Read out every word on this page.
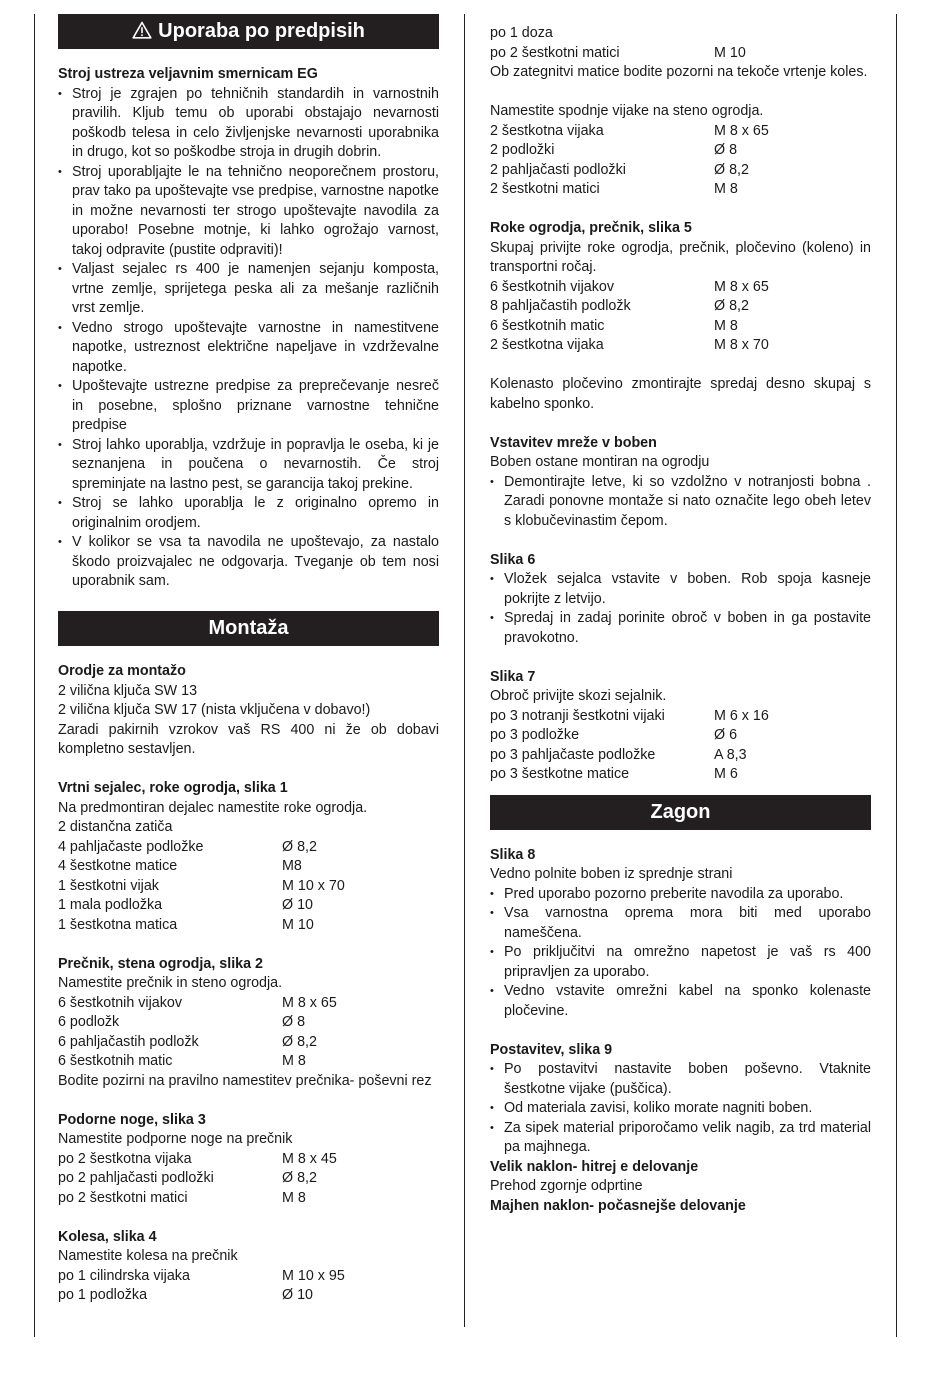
Uporaba po predpisih
Stroj ustreza veljavnim smernicam EG
• Stroj je zgrajen po tehničnih standardih in varnostnih pravilih. Kljub temu ob uporabi obstajajo nevarnosti poškodb telesa in celo življenjske nevarnosti uporabnika in drugo, kot so poškodbe stroja in drugih dobrin.
• Stroj uporabljajte le na tehnično neoporečnem prostoru, prav tako pa upoštevajte vse predpise, varnostne napotke in možne nevarnosti ter strogo upoštevajte navodila za uporabo! Posebne motnje, ki lahko ogrožajo varnost, takoj odpravite (pustite odpraviti)!
• Valjast sejalec rs 400 je namenjen sejanju komposta, vrtne zemlje, sprijetega peska ali za mešanje različnih vrst zemlje.
• Vedno strogo upoštevajte varnostne in namestitvene napotke, ustreznost električne napeljave in vzdrževalne napotke.
• Upoštevajte ustrezne predpise za preprečevanje nesreč in posebne, splošno priznane varnostne tehnične predpise
• Stroj lahko uporablja, vzdržuje in popravlja le oseba, ki je seznanjena in poučena o nevarnostih. Če stroj spreminjate na lastno pest, se garancija takoj prekine.
• Stroj se lahko uporablja le z originalno opremo in originalnim orodjem.
• V kolikor se vsa ta navodila ne upoštevajo, za nastalo škodo proizvajalec ne odgovarja. Tveganje ob tem nosi uporabnik sam.
Montaža
Orodje za montažo
2 vilična ključa SW 13
2 vilična ključa SW 17 (nista vključena v dobavo!)
Zaradi pakirnih vzrokov vaš RS 400 ni že ob dobavi kompletno sestavljen.
Vrtni sejalec, roke ogrodja, slika 1
Na predmontiran dejalec namestite roke ogrodja.
2 distančna zatiča
4 pahljačaste podložke	Ø 8,2
4 šestkotne matice	M8
1 šestkotni vijak	M 10 x 70
1 mala podložka	Ø 10
1 šestkotna matica	M 10
Prečnik, stena ogrodja, slika 2
Namestite prečnik in steno ogrodja.
6 šestkotnih vijakov	M 8 x 65
6 podložk	Ø 8
6 pahljačastih podložk	Ø 8,2
6 šestkotnih matic	M 8
Bodite pozirni na pravilno namestitev prečnika- poševni rez
Podorne noge, slika 3
Namestite podporne noge na prečnik
po 2 šestkotna vijaka	M 8 x 45
po 2 pahljačasti podložki	Ø 8,2
po 2 šestkotni matici	M 8
Kolesa, slika 4
Namestite kolesa na prečnik
po 1 cilindrska vijaka	M 10 x 95
po 1 podložka	Ø 10
po 1 doza
po 2 šestkotni matici	M 10
Ob zategnitvi matice bodite pozorni na tekoče vrtenje koles.
Namestite spodnje vijake na steno ogrodja.
2 šestkotna vijaka	M 8 x 65
2 podložki	Ø 8
2 pahljačasti podložki	Ø 8,2
2 šestkotni matici	M 8
Roke ogrodja, prečnik, slika 5
Skupaj privijte roke ogrodja, prečnik, pločevino (koleno) in transportni ročaj.
6 šestkotnih vijakov	M 8 x 65
8 pahljačastih podložk	Ø 8,2
6 šestkotnih matic	M 8
2 šestkotna vijaka	M 8 x 70
Kolenasto pločevino zmontirajte spredaj desno skupaj s kabelno sponko.
Vstavitev mreže v boben
Boben ostane montiran na ogrodju
• Demontirajte letve, ki so vzdolžno v notranjosti bobna . Zaradi ponovne montaže si nato označite lego obeh letev s klobučevinastim čepom.
Slika 6
• Vložek sejalca vstavite v boben. Rob spoja kasneje pokrijte z letvijo.
• Spredaj in zadaj porinite obroč v boben in ga postavite pravokotno.
Slika 7
Obroč privijte skozi sejalnik.
po 3 notranji šestkotni vijaki	M 6 x 16
po 3 podložke	Ø 6
po 3 pahljačaste podložke	A 8,3
po 3 šestkotne matice	M 6
Zagon
Slika 8
Vedno polnite boben iz sprednje strani
• Pred uporabo pozorno preberite navodila za uporabo.
• Vsa varnostna oprema mora biti med uporabo nameščena.
• Po priključitvi na omrežno napetost je vaš rs 400 pripravljen za uporabo.
• Vedno vstavite omrežni kabel na sponko kolenaste pločevine.
Postavitev, slika 9
• Po postavitvi nastavite boben poševno. Vtaknite šestkotne vijake (puščica).
• Od materiala zavisi, koliko morate nagniti boben.
• Za sipek material priporočamo velik nagib, za trd material pa majhnega.
Velik naklon- hitrej e delovanje
Prehod zgornje odprtine
Majhen naklon- počasnejše delovanje
